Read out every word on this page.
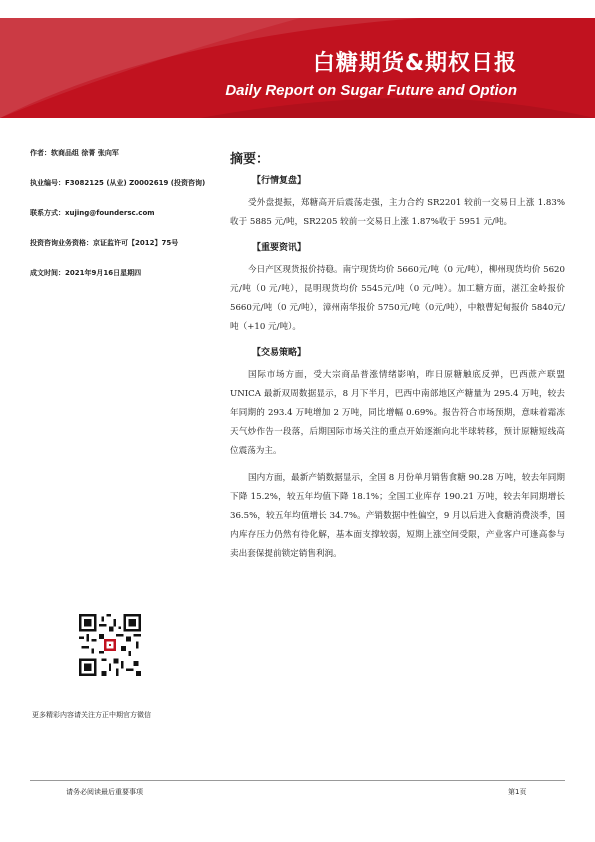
白糖期货&期权日报
Daily Report on Sugar Future and Option
作者：软商品组 徐菁 张向军
执业编号：F3082125 (从业) Z0002619 (投资咨询)
联系方式：xujing@foundersc.com
投资咨询业务资格：京证监许可【2012】75号
成文时间：2021年9月16日星期四
更多精彩内容请关注方正中期官方微信
摘要：
【行情复盘】

受外盘提振，郑糖高开后震荡走强，主力合约 SR2201 较前一交易日上涨 1.83%收于 5885 元/吨，SR2205 较前一交易日上涨 1.87%收于 5951 元/吨。

【重要资讯】

今日产区现货报价持稳。南宁现货均价 5660元/吨（0 元/吨），柳州现货均价 5620元/吨（0 元/吨），昆明现货均价 5545元/吨（0 元/吨）。加工糖方面，湛江金岭报价 5660元/吨（0 元/吨），漳州南华报价 5750元/吨（0元/吨），中粮曹妃甸报价 5840元/吨（+10 元/吨）。

【交易策略】

国际市场方面，受大宗商品普涨情绪影响，昨日原糖触底反弹，巴西蔗产联盟 UNICA 最新双周数据显示，8 月下半月，巴西中南部地区产糖量为 295.4 万吨，较去年同期的 293.4 万吨增加 2 万吨，同比增幅 0.69%。报告符合市场预期，意味着霜冻天气炒作告一段落，后期国际市场关注的重点开始逐渐向北半球转移，预计原糖短线高位震荡为主。

国内方面，最新产销数据显示，全国 8 月份单月销售食糖 90.28 万吨，较去年同期下降 15.2%，较五年均值下降 18.1%；全国工业库存 190.21 万吨，较去年同期增长 36.5%，较五年均值增长 34.7%。产销数据中性偏空，9 月以后进入食糖消费淡季，国内库存压力仍然有待化解，基本面支撑较弱，短期上涨空间受限，产业客户可逢高参与卖出套保提前锁定销售利润。

请务必阅读最后重要事项	第1页
